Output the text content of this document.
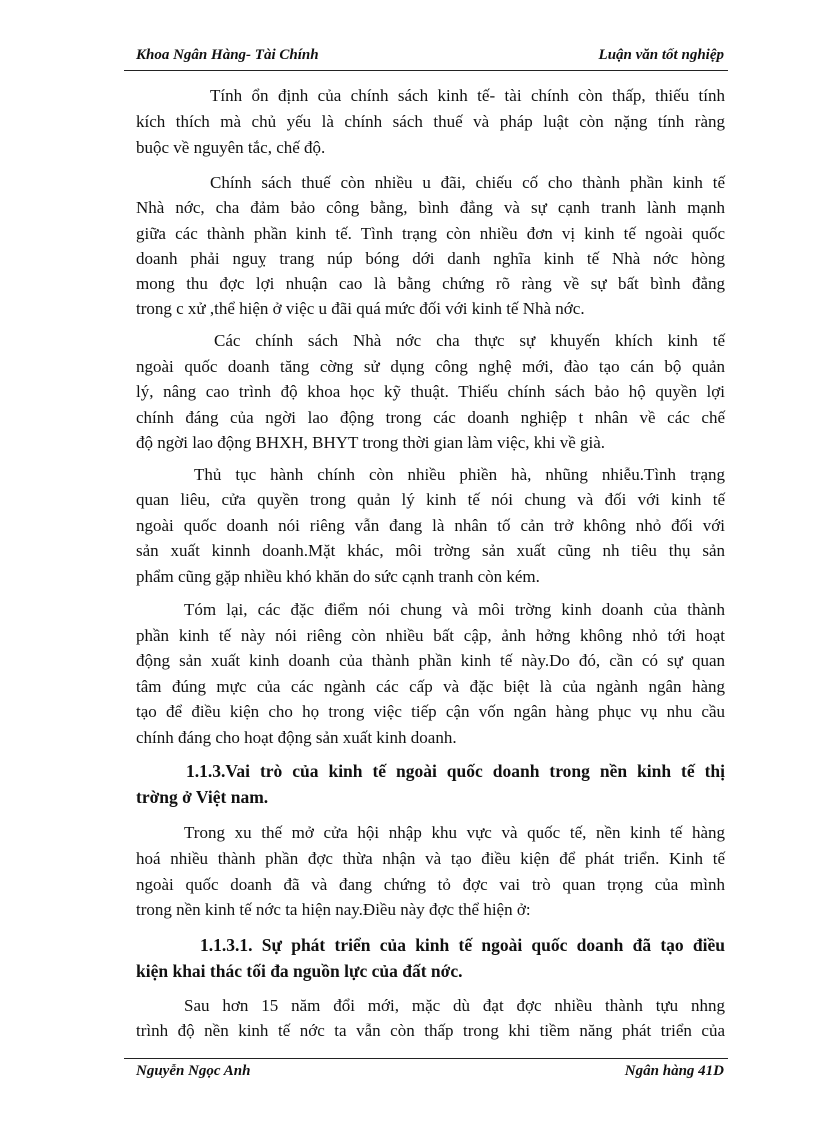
Khoa Ngân Hàng- Tài Chính	Luận văn tốt nghiệp
Tính ổn định của chính sách kinh tế- tài chính còn thấp, thiếu tính
kích thích mà chủ yếu là chính sách thuế và pháp luật còn nặng tính ràng
buộc về nguyên tắc, chế độ.
Chính sách thuế còn nhiều u đãi, chiếu cố cho thành phần kinh tế
Nhà nớc, cha đảm bảo công bằng, bình đẳng và sự cạnh tranh lành mạnh
giữa các thành phần kinh tế. Tình trạng còn nhiều đơn vị kinh tế ngoài quốc
doanh phải nguỵ trang núp bóng dới danh nghĩa kinh tế Nhà nớc hòng
mong thu đợc lợi nhuận cao là bằng chứng rõ ràng về sự bất bình đẳng
trong c xử ,thể hiện ở việc u đãi quá mức đối với kinh tế Nhà nớc.
Các chính sách Nhà nớc cha thực sự khuyến khích kinh tế
ngoài quốc doanh tăng cờng sử dụng công nghệ mới, đào tạo cán bộ quản
lý, nâng cao trình độ khoa học kỹ thuật. Thiếu chính sách bảo hộ quyền lợi
chính đáng của ngời lao động trong các doanh nghiệp t nhân về các chế
độ ngời lao động BHXH, BHYT trong thời gian làm việc, khi về già.
Thủ tục hành chính còn nhiều phiền hà, nhũng nhiễu.Tình trạng
quan liêu, cửa quyền trong quản lý kinh tế nói chung và đối với kinh tế
ngoài quốc doanh nói riêng vẫn đang là nhân tố cản trở không nhỏ đối với
sản xuất kinnh doanh.Mặt khác, môi trờng sản xuất cũng nh tiêu thụ sản
phẩm cũng gặp nhiều khó khăn do sức cạnh tranh còn kém.
Tóm lại, các đặc điểm nói chung và môi trờng kinh doanh của thành
phần kinh tế này nói riêng còn nhiều bất cập, ảnh hởng không nhỏ tới hoạt
động sản xuất kinh doanh của thành phần kinh tế này.Do đó, cần có sự quan
tâm đúng mực của các ngành các cấp và đặc biệt là của ngành ngân hàng
tạo để điều kiện cho họ trong việc tiếp cận vốn ngân hàng phục vụ nhu cầu
chính đáng cho hoạt động sản xuất kinh doanh.
1.1.3.Vai trò của kinh tế ngoài quốc doanh trong nền kinh tế thị
trờng ở Việt nam.
Trong xu thế mở cửa hội nhập khu vực và quốc tế, nền kinh tế hàng
hoá nhiều thành phần đợc thừa nhận và tạo điều kiện để phát triển. Kinh tế
ngoài quốc doanh đã và đang chứng tỏ đợc vai trò quan trọng của mình
trong nền kinh tế nớc ta hiện nay.Điều này đợc thể hiện ở:
1.1.3.1. Sự phát triển của kinh tế ngoài quốc doanh đã tạo điều
kiện khai thác tối đa nguồn lực của đất nớc.
Sau hơn 15 năm đổi mới, mặc dù đạt đợc nhiều thành tựu nhng
trình độ nền kinh tế nớc ta vẫn còn thấp trong khi tiềm năng phát triển của
Nguyễn Ngọc Anh	Ngân hàng 41D
